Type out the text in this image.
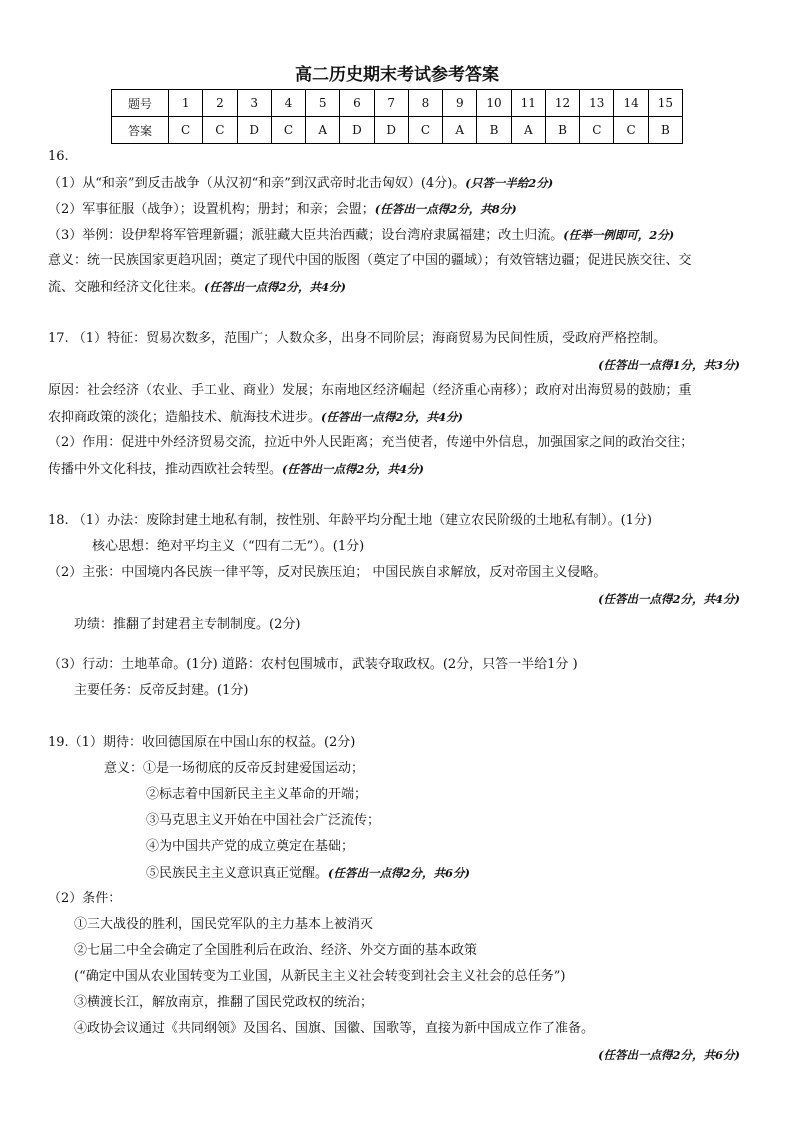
高二历史期末考试参考答案
题号	1	2	3	4	5	6	7	8	9	10	11	12	13	14	15
答案	C	C	D	C	A	D	D	C	A	B	A	B	C	C	B
16.
（1）从“和亲”到反击战争（从汉初“和亲”到汉武帝时北击匈奴）(4分)。(只答一半给2分)
（2）军事征服（战争）；设置机构；册封；和亲；会盟；(任答出一点得2分，共8分)
（3）举例：设伊犁将军管理新疆；派驻藏大臣共治西藏；设台湾府隶属福建；改土归流。(任举一例即可，2分)
意义：统一民族国家更趋巩固；奠定了现代中国的版图（奠定了中国的疆域）；有效管辖边疆；促进民族交往、交
流、交融和经济文化往来。(任答出一点得2分，共4分)
17. （1）特征：贸易次数多，范围广；人数众多，出身不同阶层；海商贸易为民间性质，受政府严格控制。
(任答出一点得1分，共3分)
原因：社会经济（农业、手工业、商业）发展；东南地区经济崛起（经济重心南移）；政府对出海贸易的鼓励；重
农抑商政策的淡化；造船技术、航海技术进步。(任答出一点得2分，共4分)
（2）作用：促进中外经济贸易交流，拉近中外人民距离；充当使者，传递中外信息，加强国家之间的政治交往；
传播中外文化科技，推动西欧社会转型。(任答出一点得2分，共4分)
18. （1）办法：废除封建土地私有制，按性别、年龄平均分配土地（建立农民阶级的土地私有制）。(1分)
核心思想：绝对平均主义（“四有二无”）。(1分)
（2）主张：中国境内各民族一律平等，反对民族压迫； 中国民族自求解放，反对帝国主义侵略。
(任答出一点得2分，共4分)
功绩：推翻了封建君主专制制度。(2分)
（3）行动：土地革命。(1分) 道路：农村包围城市，武装夺取政权。(2分，只答一半给1分 )
主要任务：反帝反封建。(1分)
19.（1）期待：收回德国原在中国山东的权益。(2分)
意义：①是一场彻底的反帝反封建爱国运动；
②标志着中国新民主主义革命的开端；
③马克思主义开始在中国社会广泛流传；
④为中国共产党的成立奠定在基础；
⑤民族民主主义意识真正觉醒。(任答出一点得2分，共6分)
（2）条件：
①三大战役的胜利，国民党军队的主力基本上被消灭
②七届二中全会确定了全国胜利后在政治、经济、外交方面的基本政策
(“确定中国从农业国转变为工业国，从新民主主义社会转变到社会主义社会的总任务”)
③横渡长江，解放南京，推翻了国民党政权的统治；
④政协会议通过《共同纲领》及国名、国旗、国徽、国歌等，直接为新中国成立作了准备。
(任答出一点得2分，共6分)
